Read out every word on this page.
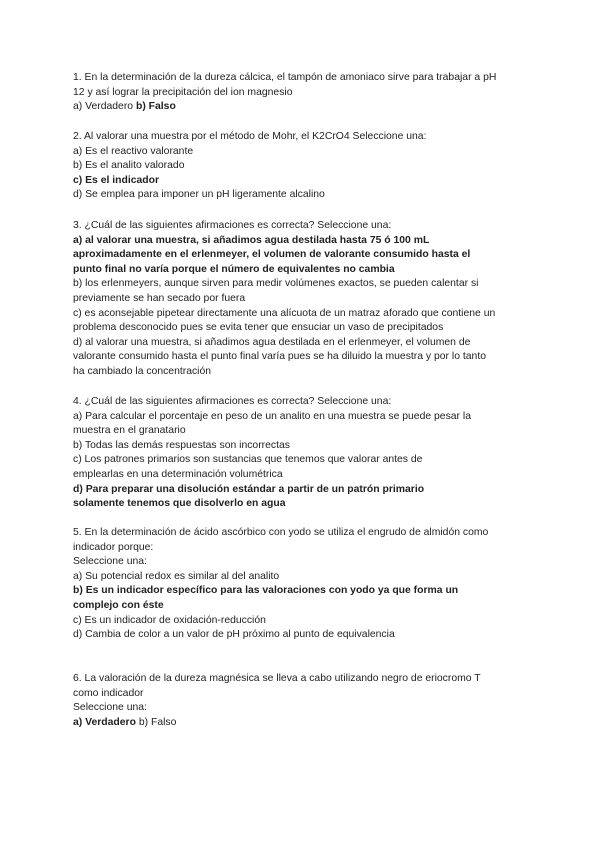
1. En la determinación de la dureza cálcica, el tampón de amoniaco sirve para trabajar a pH
12 y así lograr la precipitación del ion magnesio
a) Verdadero b) Falso
2. Al valorar una muestra por el método de Mohr, el K2CrO4 Seleccione una:
a) Es el reactivo valorante
b) Es el analito valorado
c) Es el indicador
d) Se emplea para imponer un pH ligeramente alcalino
3. ¿Cuál de las siguientes afirmaciones es correcta? Seleccione una:
a) al valorar una muestra, si añadimos agua destilada hasta 75 ó 100 mL
aproximadamente en el erlenmeyer, el volumen de valorante consumido hasta el
punto final no varía porque el número de equivalentes no cambia
b) los erlenmeyers, aunque sirven para medir volúmenes exactos, se pueden calentar si
previamente se han secado por fuera
c) es aconsejable pipetear directamente una alícuota de un matraz aforado que contiene un
problema desconocido pues se evita tener que ensuciar un vaso de precipitados
d) al valorar una muestra, si añadimos agua destilada en el erlenmeyer, el volumen de
valorante consumido hasta el punto final varía pues se ha diluido la muestra y por lo tanto
ha cambiado la concentración
4. ¿Cuál de las siguientes afirmaciones es correcta? Seleccione una:
a) Para calcular el porcentaje en peso de un analito en una muestra se puede pesar la
muestra en el granatario
b) Todas las demás respuestas son incorrectas
c) Los patrones primarios son sustancias que tenemos que valorar antes de
emplearlas en una determinación volumétrica
d) Para preparar una disolución estándar a partir de un patrón primario
solamente tenemos que disolverlo en agua
5. En la determinación de ácido ascórbico con yodo se utiliza el engrudo de almidón como
indicador porque:
Seleccione una:
a) Su potencial redox es similar al del analito
b) Es un indicador específico para las valoraciones con yodo ya que forma un
complejo con éste
c) Es un indicador de oxidación-reducción
d) Cambia de color a un valor de pH próximo al punto de equivalencia
6. La valoración de la dureza magnésica se lleva a cabo utilizando negro de eriocromo T
como indicador
Seleccione una:
a) Verdadero b) Falso
